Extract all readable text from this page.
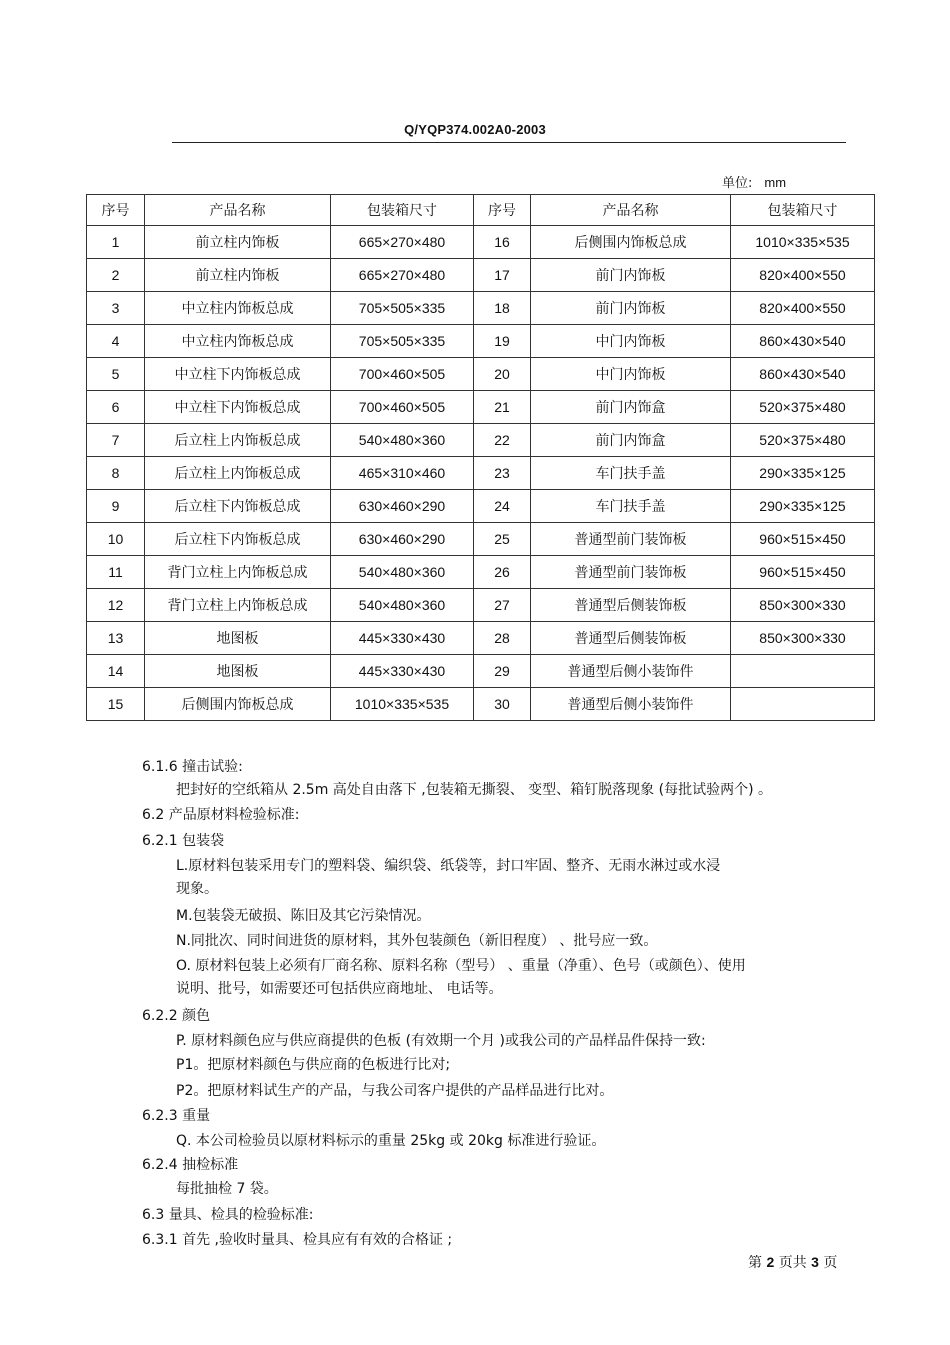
Q/YQP374.002A0-2003
单位: mm
序号	产品名称	包装箱尺寸	序号	产品名称	包装箱尺寸
1	前立柱内饰板	665×270×480	16	后侧围内饰板总成	1010×335×535
2	前立柱内饰板	665×270×480	17	前门内饰板	820×400×550
3	中立柱内饰板总成	705×505×335	18	前门内饰板	820×400×550
4	中立柱内饰板总成	705×505×335	19	中门内饰板	860×430×540
5	中立柱下内饰板总成	700×460×505	20	中门内饰板	860×430×540
6	中立柱下内饰板总成	700×460×505	21	前门内饰盒	520×375×480
7	后立柱上内饰板总成	540×480×360	22	前门内饰盒	520×375×480
8	后立柱上内饰板总成	465×310×460	23	车门扶手盖	290×335×125
9	后立柱下内饰板总成	630×460×290	24	车门扶手盖	290×335×125
10	后立柱下内饰板总成	630×460×290	25	普通型前门装饰板	960×515×450
11	背门立柱上内饰板总成	540×480×360	26	普通型前门装饰板	960×515×450
12	背门立柱上内饰板总成	540×480×360	27	普通型后侧装饰板	850×300×330
13	地图板	445×330×430	28	普通型后侧装饰板	850×300×330
14	地图板	445×330×430	29	普通型后侧小装饰件	
15	后侧围内饰板总成	1010×335×535	30	普通型后侧小装饰件	
6.1.6 撞击试验:
把封好的空纸箱从 2.5m 高处自由落下 ,包装箱无撕裂、 变型、箱钉脱落现象 (每批试验两个) 。
6.2 产品原材料检验标准:
6.2.1 包装袋
L.原材料包装采用专门的塑料袋、编织袋、纸袋等，封口牢固、整齐、无雨水淋过或水浸
现象。
M.包装袋无破损、陈旧及其它污染情况。
N.同批次、同时间进货的原材料，其外包装颜色（新旧程度） 、批号应一致。
O. 原材料包装上必须有厂商名称、原料名称（型号） 、重量（净重）、色号（或颜色）、使用
说明、批号，如需要还可包括供应商地址、 电话等。
6.2.2 颜色
P. 原材料颜色应与供应商提供的色板 (有效期一个月 )或我公司的产品样品件保持一致:
P1。把原材料颜色与供应商的色板进行比对;
P2。把原材料试生产的产品，与我公司客户提供的产品样品进行比对。
6.2.3 重量
Q. 本公司检验员以原材料标示的重量 25kg 或 20kg 标准进行验证。
6.2.4 抽检标准
每批抽检 7 袋。
6.3 量具、检具的检验标准:
6.3.1 首先 ,验收时量具、检具应有有效的合格证 ;
第 2 页共 3 页
